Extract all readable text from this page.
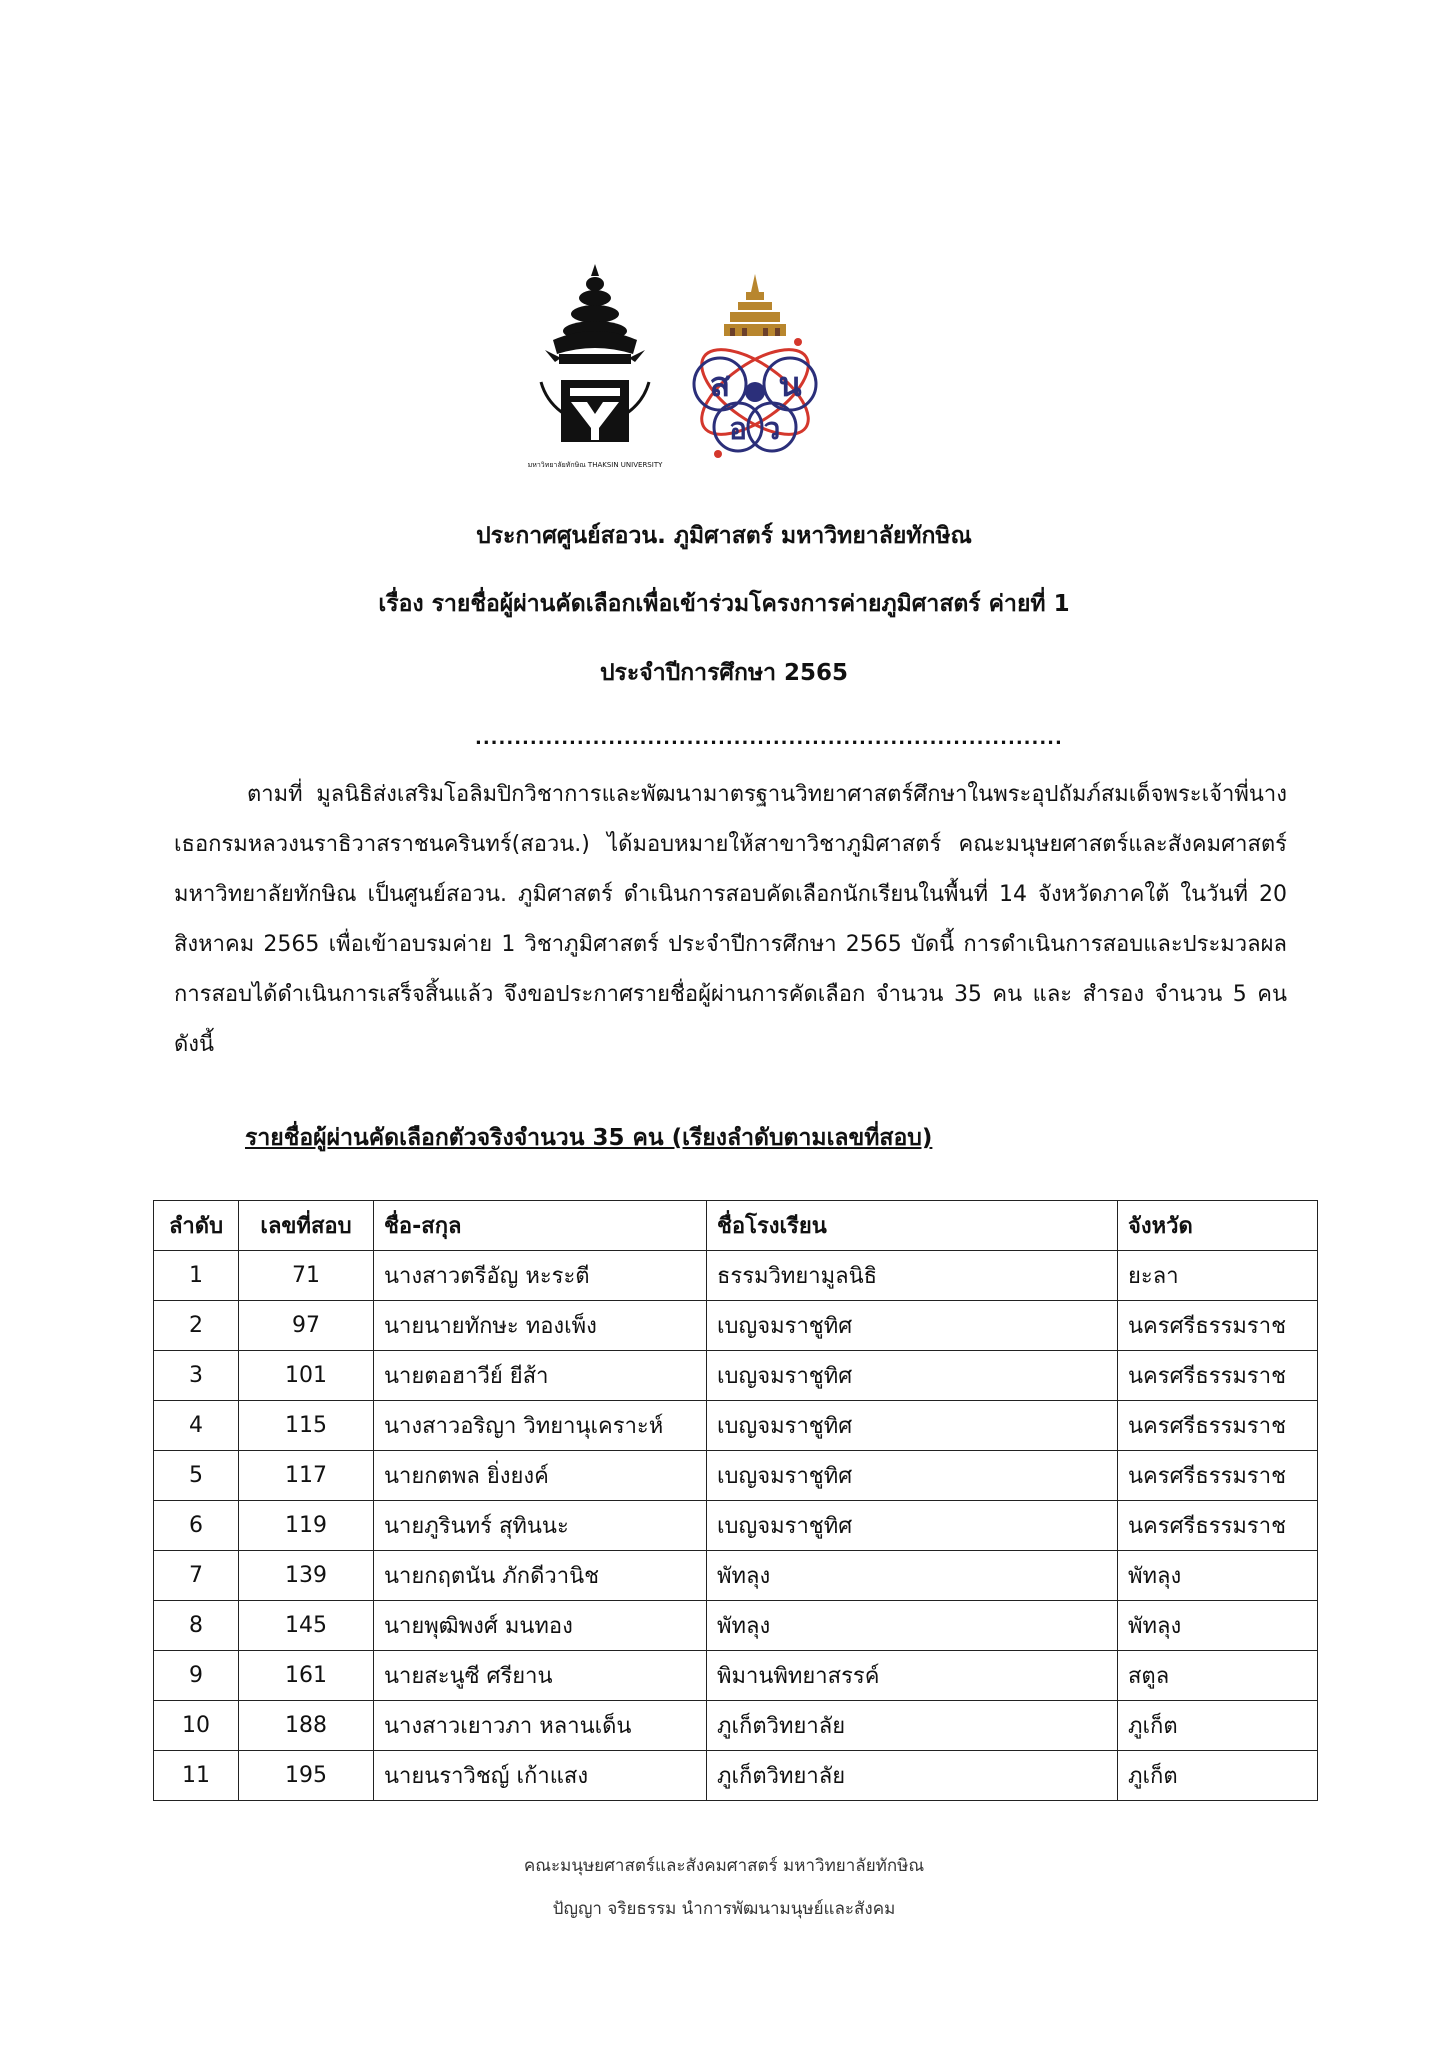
มหาวิทยาลัยทักษิณ THAKSIN UNIVERSITY
ส น
อ ว
ประกาศศูนย์สอวน. ภูมิศาสตร์ มหาวิทยาลัยทักษิณ
เรื่อง รายชื่อผู้ผ่านคัดเลือกเพื่อเข้าร่วมโครงการค่ายภูมิศาสตร์ ค่ายที่ 1
ประจำปีการศึกษา 2565
...........................................................................

ตามที่ มูลนิธิส่งเสริมโอลิมปิกวิชาการและพัฒนามาตรฐานวิทยาศาสตร์ศึกษาในพระอุปถัมภ์สมเด็จพระเจ้าพี่นางเธอกรมหลวงนราธิวาสราชนครินทร์(สอวน.) ได้มอบหมายให้สาขาวิชาภูมิศาสตร์ คณะมนุษยศาสตร์และสังคมศาสตร์ มหาวิทยาลัยทักษิณ เป็นศูนย์สอวน. ภูมิศาสตร์ ดำเนินการสอบคัดเลือกนักเรียนในพื้นที่ 14 จังหวัดภาคใต้ ในวันที่ 20 สิงหาคม 2565 เพื่อเข้าอบรมค่าย 1 วิชาภูมิศาสตร์ ประจำปีการศึกษา 2565 บัดนี้ การดำเนินการสอบและประมวลผลการสอบได้ดำเนินการเสร็จสิ้นแล้ว จึงขอประกาศรายชื่อผู้ผ่านการคัดเลือก จำนวน 35 คน และ สำรอง จำนวน 5 คน ดังนี้

รายชื่อผู้ผ่านคัดเลือกตัวจริงจำนวน 35 คน (เรียงลำดับตามเลขที่สอบ)
ลำดับ	เลขที่สอบ	ชื่อ-สกุล	ชื่อโรงเรียน	จังหวัด
1	71	นางสาวตรีอัญ หะระตี	ธรรมวิทยามูลนิธิ	ยะลา
2	97	นายนายทักษะ ทองเพ็ง	เบญจมราชูทิศ	นครศรีธรรมราช
3	101	นายตอฮาวีย์ ยีส้า	เบญจมราชูทิศ	นครศรีธรรมราช
4	115	นางสาวอริญา วิทยานุเคราะห์	เบญจมราชูทิศ	นครศรีธรรมราช
5	117	นายกตพล ยิ่งยงค์	เบญจมราชูทิศ	นครศรีธรรมราช
6	119	นายภูรินทร์ สุทินนะ	เบญจมราชูทิศ	นครศรีธรรมราช
7	139	นายกฤตนัน ภักดีวานิช	พัทลุง	พัทลุง
8	145	นายพุฒิพงศ์ มนทอง	พัทลุง	พัทลุง
9	161	นายสะนูซี ศรียาน	พิมานพิทยาสรรค์	สตูล
10	188	นางสาวเยาวภา หลานเด็น	ภูเก็ตวิทยาลัย	ภูเก็ต
11	195	นายนราวิชญ์ เก้าแสง	ภูเก็ตวิทยาลัย	ภูเก็ต
คณะมนุษยศาสตร์และสังคมศาสตร์ มหาวิทยาลัยทักษิณ
ปัญญา จริยธรรม นำการพัฒนามนุษย์และสังคม
